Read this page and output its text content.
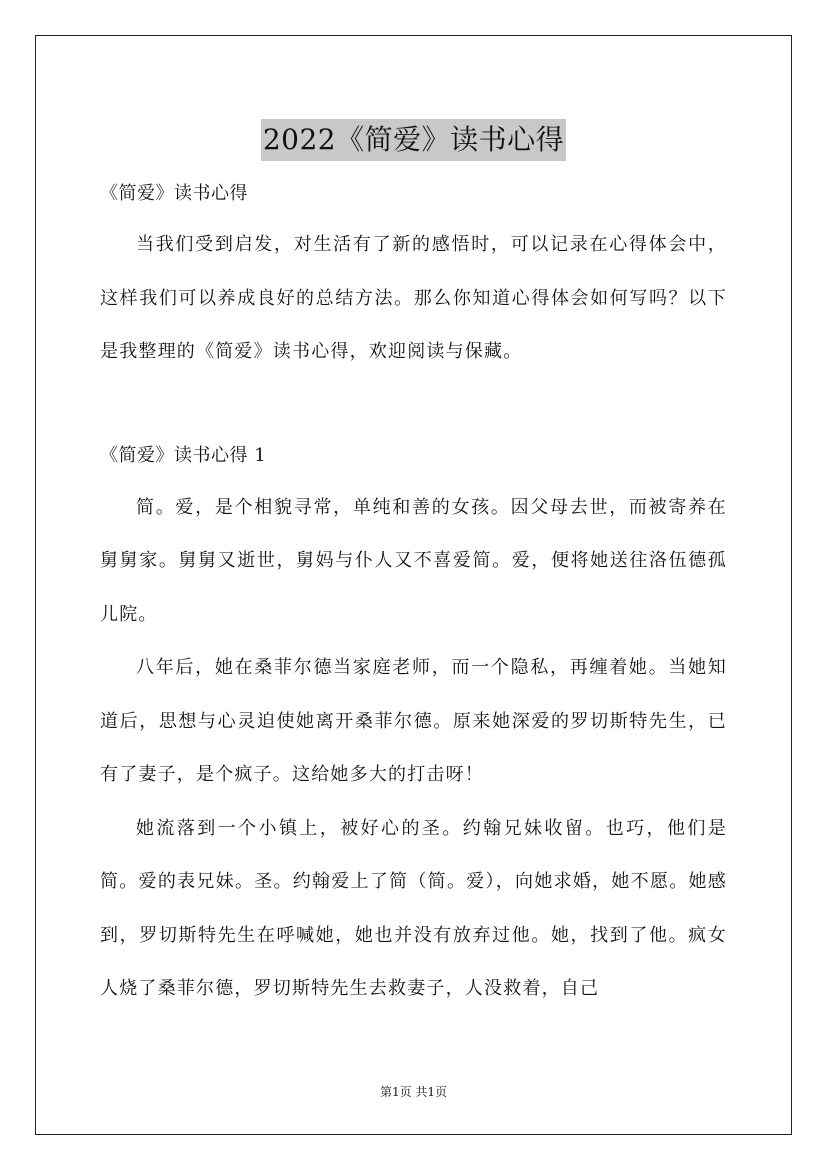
2022《简爱》读书心得

《简爱》读书心得

当我们受到启发，对生活有了新的感悟时，可以记录在心得体会中，这样我们可以养成良好的总结方法。那么你知道心得体会如何写吗？以下是我整理的《简爱》读书心得，欢迎阅读与保藏。

《简爱》读书心得 1

简。爱，是个相貌寻常，单纯和善的女孩。因父母去世，而被寄养在舅舅家。舅舅又逝世，舅妈与仆人又不喜爱简。爱，便将她送往洛伍德孤儿院。

八年后，她在桑菲尔德当家庭老师，而一个隐私，再缠着她。当她知道后，思想与心灵迫使她离开桑菲尔德。原来她深爱的罗切斯特先生，已有了妻子，是个疯子。这给她多大的打击呀！

她流落到一个小镇上，被好心的圣。约翰兄妹收留。也巧，他们是简。爱的表兄妹。圣。约翰爱上了简（简。爱），向她求婚，她不愿。她感到，罗切斯特先生在呼喊她，她也并没有放弃过他。她，找到了他。疯女人烧了桑菲尔德，罗切斯特先生去救妻子，人没救着，自己

第1页 共1页
